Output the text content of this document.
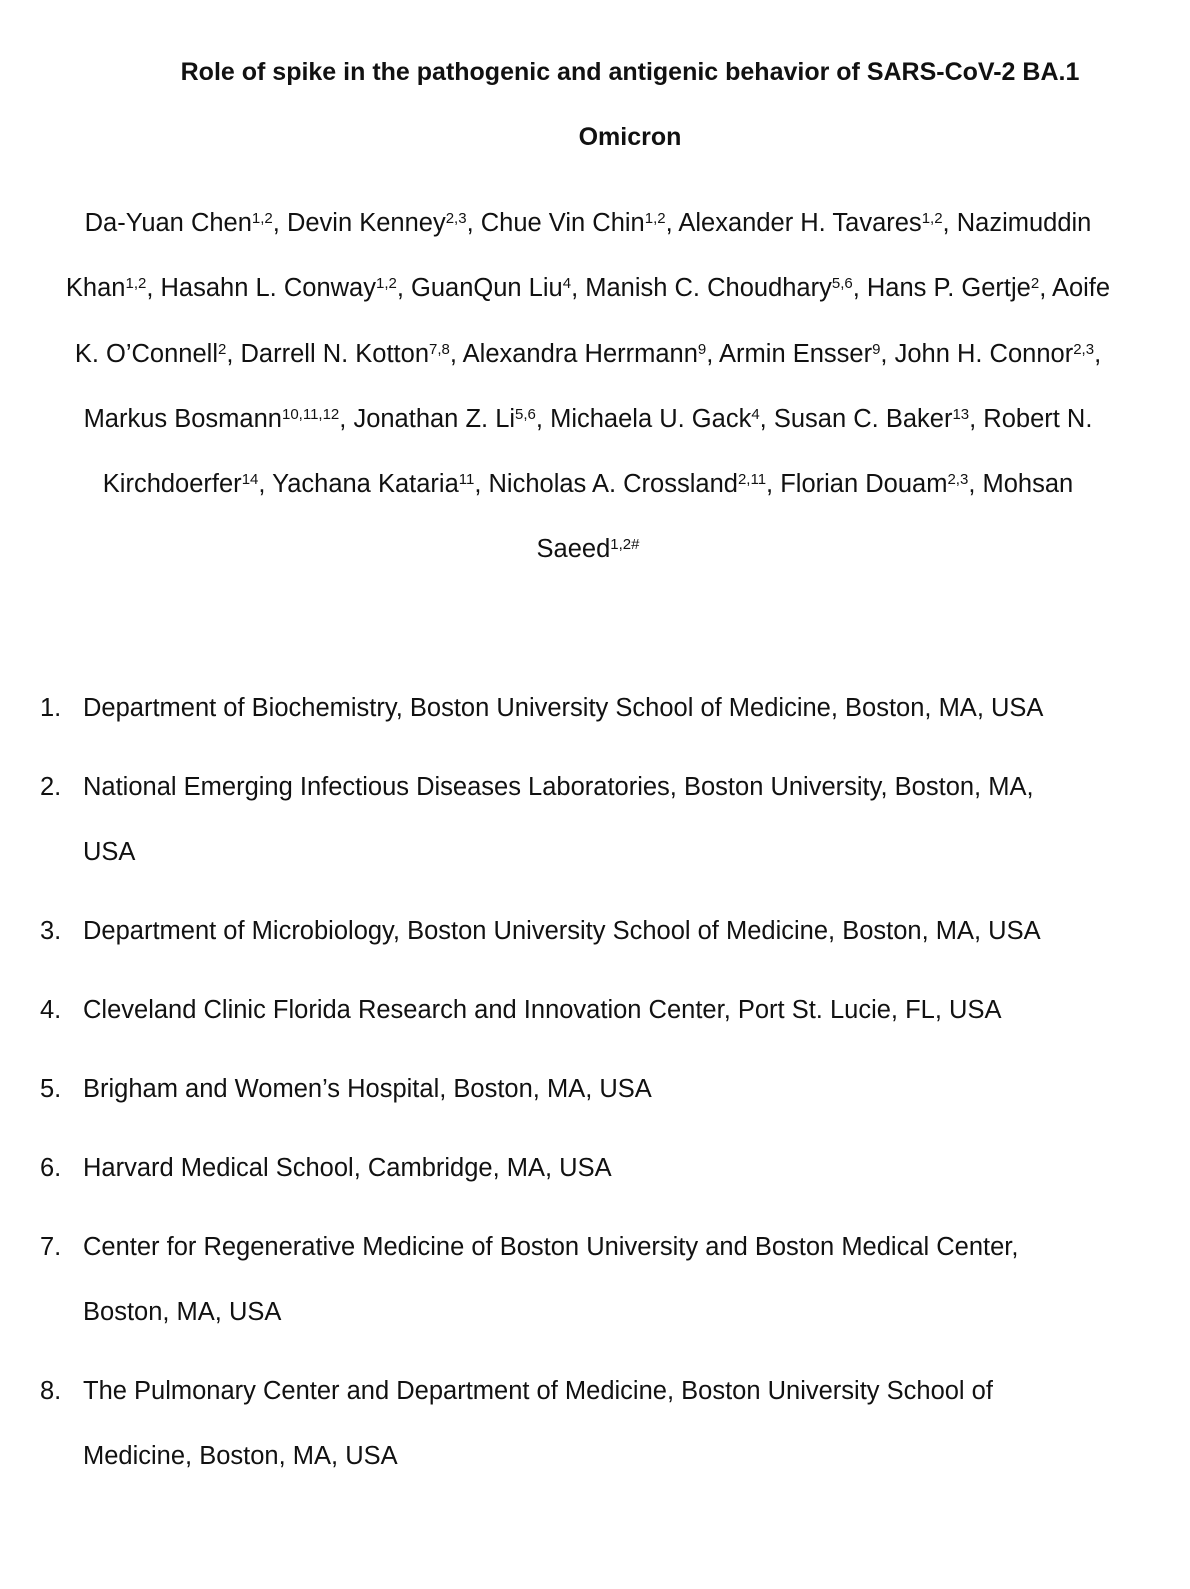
Role of spike in the pathogenic and antigenic behavior of SARS-CoV-2 BA.1
Omicron
Da-Yuan Chen$^{1,2}$, Devin Kenney$^{2,3}$, Chue Vin Chin$^{1,2}$, Alexander H. Tavares$^{1,2}$, Nazimuddin
Khan$^{1,2}$, Hasahn L. Conway$^{1,2}$, GuanQun Liu$^4$, Manish C. Choudhary$^{5,6}$, Hans P. Gertje$^2$, Aoife
K. O’Connell$^2$, Darrell N. Kotton$^{7,8}$, Alexandra Herrmann$^9$, Armin Ensser$^9$, John H. Connor$^{2,3}$,
Markus Bosmann$^{10,11,12}$, Jonathan Z. Li$^{5,6}$, Michaela U. Gack$^4$, Susan C. Baker$^{13}$, Robert N.
Kirchdoerfer$^{14}$, Yachana Kataria$^{11}$, Nicholas A. Crossland$^{2,11}$, Florian Douam$^{2,3}$, Mohsan
Saeed$^{1,2\#}$
1. Department of Biochemistry, Boston University School of Medicine, Boston, MA, USA
2. National Emerging Infectious Diseases Laboratories, Boston University, Boston, MA,
USA
3. Department of Microbiology, Boston University School of Medicine, Boston, MA, USA
4. Cleveland Clinic Florida Research and Innovation Center, Port St. Lucie, FL, USA
5. Brigham and Women’s Hospital, Boston, MA, USA
6. Harvard Medical School, Cambridge, MA, USA
7. Center for Regenerative Medicine of Boston University and Boston Medical Center,
Boston, MA, USA
8. The Pulmonary Center and Department of Medicine, Boston University School of
Medicine, Boston, MA, USA
